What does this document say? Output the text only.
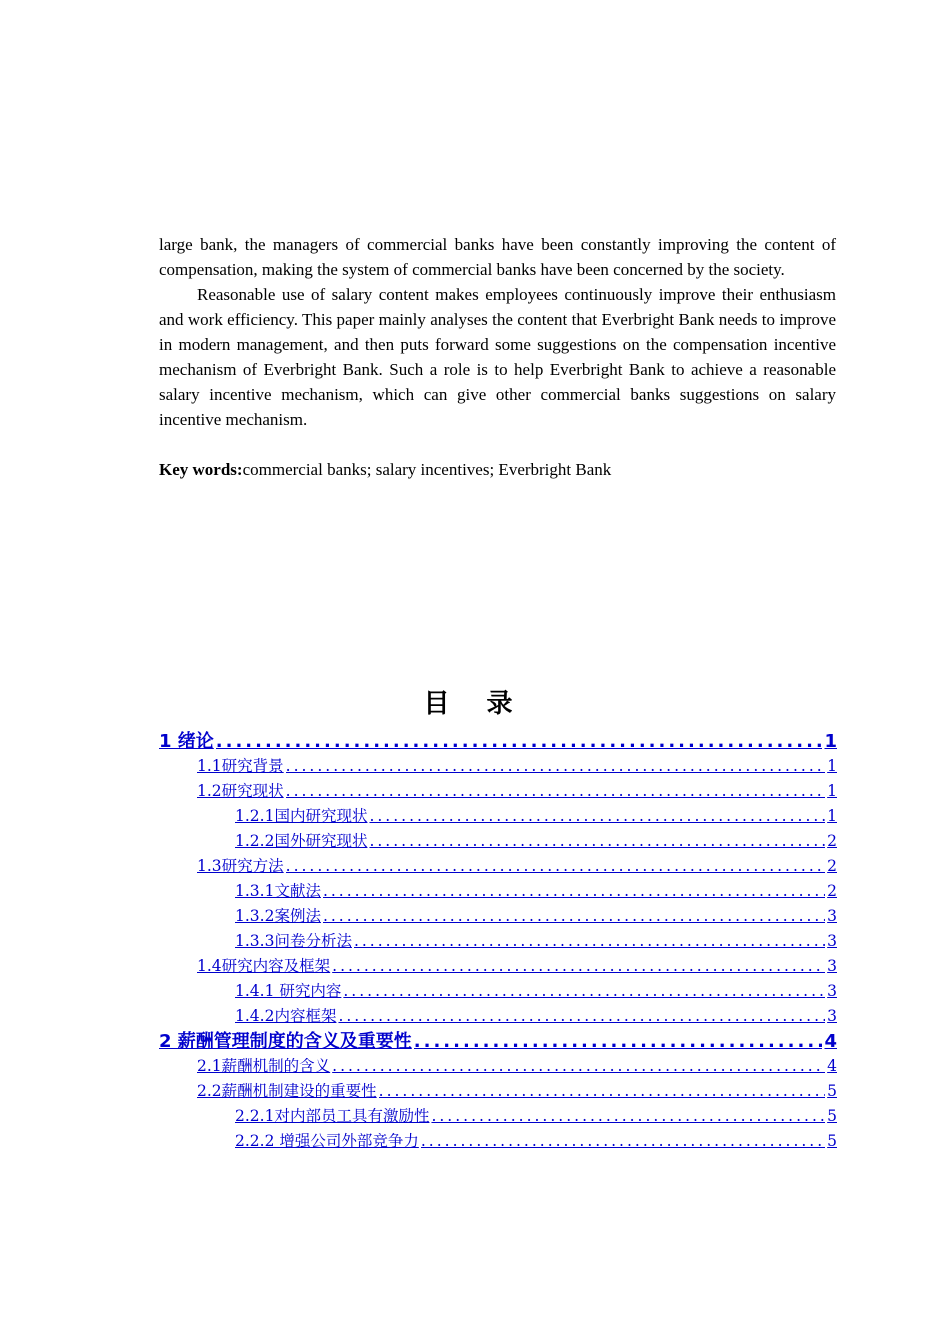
large bank, the managers of commercial banks have been constantly improving the content of compensation, making the system of commercial banks have been concerned by the society.

Reasonable use of salary content makes employees continuously improve their enthusiasm and work efficiency. This paper mainly analyses the content that Everbright Bank needs to improve in modern management, and then puts forward some suggestions on the compensation incentive mechanism of Everbright Bank. Such a role is to help Everbright Bank to achieve a reasonable salary incentive mechanism, which can give other commercial banks suggestions on salary incentive mechanism.

Key words:commercial banks; salary incentives; Everbright Bank

目 录
1 绪论 .....	1
1.1研究背景 .....	1
1.2研究现状 .....	1
1.2.1国内研究现状 .....	1
1.2.2国外研究现状 .....	2
1.3研究方法 .....	2
1.3.1文献法 .....	2
1.3.2案例法 .....	3
1.3.3问卷分析法 .....	3
1.4研究内容及框架 .....	3
1.4.1 研究内容 .....	3
1.4.2内容框架 .....	3
2 薪酬管理制度的含义及重要性 .....	4
2.1薪酬机制的含义 .....	4
2.2薪酬机制建设的重要性 .....	5
2.2.1对内部员工具有激励性 .....	5
2.2.2 增强公司外部竞争力 .....	5
